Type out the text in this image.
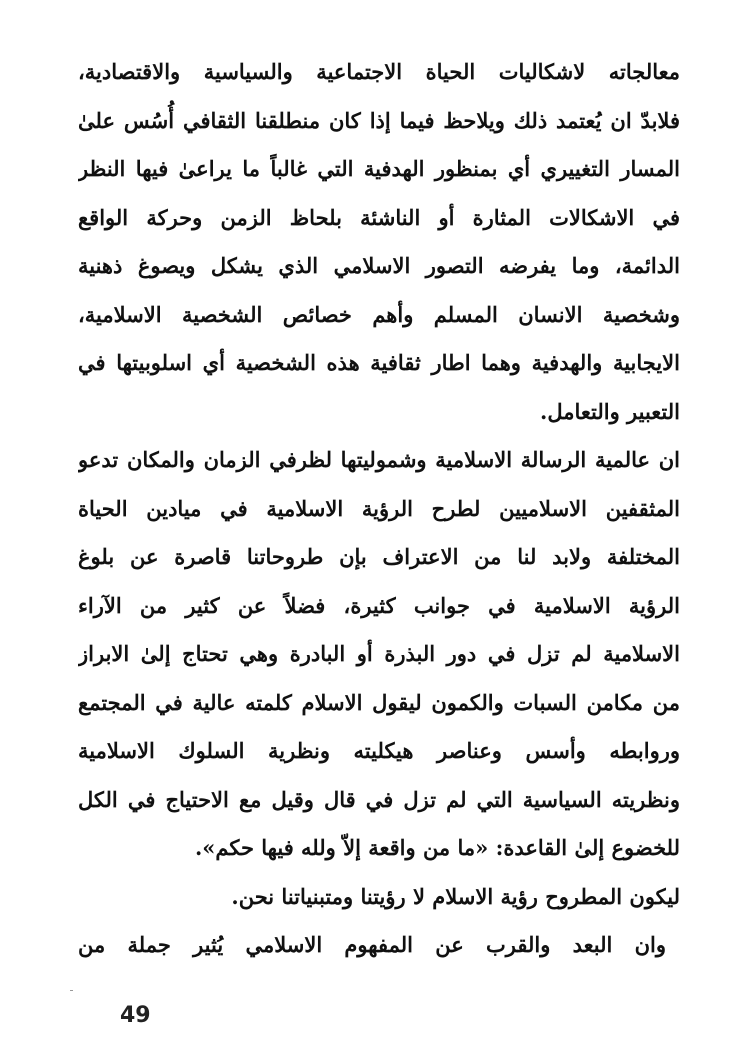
معالجاته لاشكاليات الحياة الاجتماعية والسياسية والاقتصادية،
فلابدّ ان يُعتمد ذلك ويلاحظ فيما إذا كان منطلقنا الثقافي أُسُس علىٰ
المسار التغييري أي بمنظور الهدفية التي غالباً ما يراعىٰ فيها النظر
في الاشكالات المثارة أو الناشئة بلحاظ الزمن وحركة الواقع
الدائمة، وما يفرضه التصور الاسلامي الذي يشكل ويصوغ ذهنية
وشخصية الانسان المسلم وأهم خصائص الشخصية الاسلامية،
الايجابية والهدفية وهما اطار ثقافية هذه الشخصية أي اسلوبيتها في
التعبير والتعامل.
ان عالمية الرسالة الاسلامية وشموليتها لظرفي الزمان والمكان تدعو
المثقفين الاسلاميين لطرح الرؤية الاسلامية في ميادين الحياة
المختلفة ولابد لنا من الاعتراف بإن طروحاتنا قاصرة عن بلوغ
الرؤية الاسلامية في جوانب كثيرة، فضلاً عن كثير من الآراء
الاسلامية لم تزل في دور البذرة أو البادرة وهي تحتاج إلىٰ الابراز
من مكامن السبات والكمون ليقول الاسلام كلمته عالية في المجتمع
وروابطه وأسس وعناصر هيكليته ونظرية السلوك الاسلامية
ونظريته السياسية التي لم تزل في قال وقيل مع الاحتياج في الكل
للخضوع إلىٰ القاعدة: «ما من واقعة إلاّ ولله فيها حكم».
ليكون المطروح رؤية الاسلام لا رؤيتنا ومتبنياتنا نحن.
وان البعد والقرب عن المفهوم الاسلامي يُثير جملة من
49
